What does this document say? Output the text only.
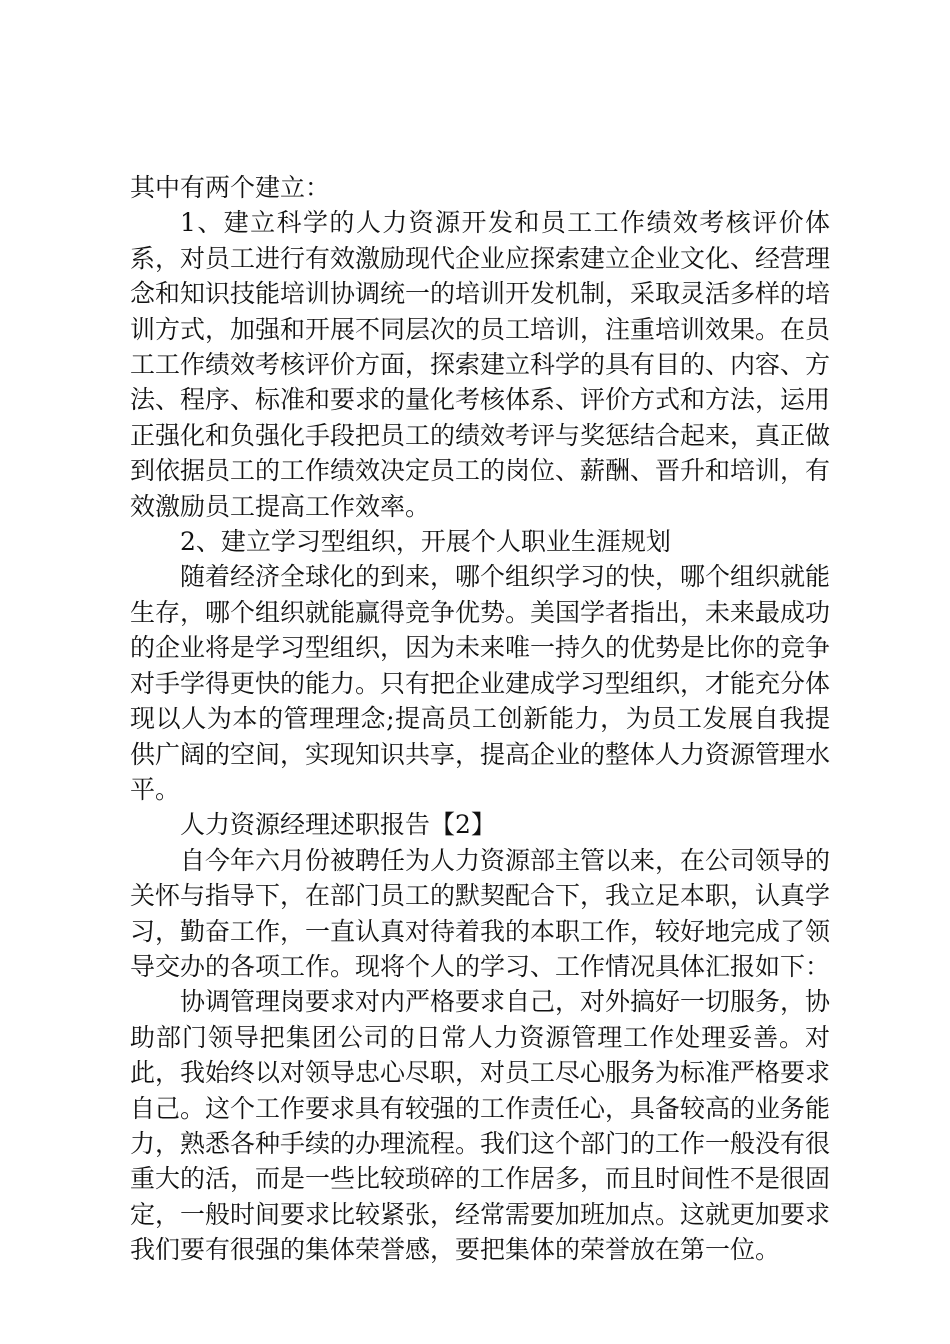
其中有两个建立：

1、建立科学的人力资源开发和员工工作绩效考核评价体系，对员工进行有效激励现代企业应探索建立企业文化、经营理念和知识技能培训协调统一的培训开发机制，采取灵活多样的培训方式，加强和开展不同层次的员工培训，注重培训效果。在员工工作绩效考核评价方面，探索建立科学的具有目的、内容、方法、程序、标准和要求的量化考核体系、评价方式和方法，运用正强化和负强化手段把员工的绩效考评与奖惩结合起来，真正做到依据员工的工作绩效决定员工的岗位、薪酬、晋升和培训，有效激励员工提高工作效率。

2、建立学习型组织，开展个人职业生涯规划

随着经济全球化的到来，哪个组织学习的快，哪个组织就能生存，哪个组织就能赢得竞争优势。美国学者指出，未来最成功的企业将是学习型组织，因为未来唯一持久的优势是比你的竞争对手学得更快的能力。只有把企业建成学习型组织，才能充分体现以人为本的管理理念;提高员工创新能力，为员工发展自我提供广阔的空间，实现知识共享，提高企业的整体人力资源管理水平。

人力资源经理述职报告【2】

自今年六月份被聘任为人力资源部主管以来，在公司领导的关怀与指导下，在部门员工的默契配合下，我立足本职，认真学习，勤奋工作，一直认真对待着我的本职工作，较好地完成了领导交办的各项工作。现将个人的学习、工作情况具体汇报如下：

协调管理岗要求对内严格要求自己，对外搞好一切服务，协助部门领导把集团公司的日常人力资源管理工作处理妥善。对此，我始终以对领导忠心尽职，对员工尽心服务为标准严格要求自己。这个工作要求具有较强的工作责任心，具备较高的业务能力，熟悉各种手续的办理流程。我们这个部门的工作一般没有很重大的活，而是一些比较琐碎的工作居多，而且时间性不是很固定，一般时间要求比较紧张，经常需要加班加点。这就更加要求我们要有很强的集体荣誉感，要把集体的荣誉放在第一位。
